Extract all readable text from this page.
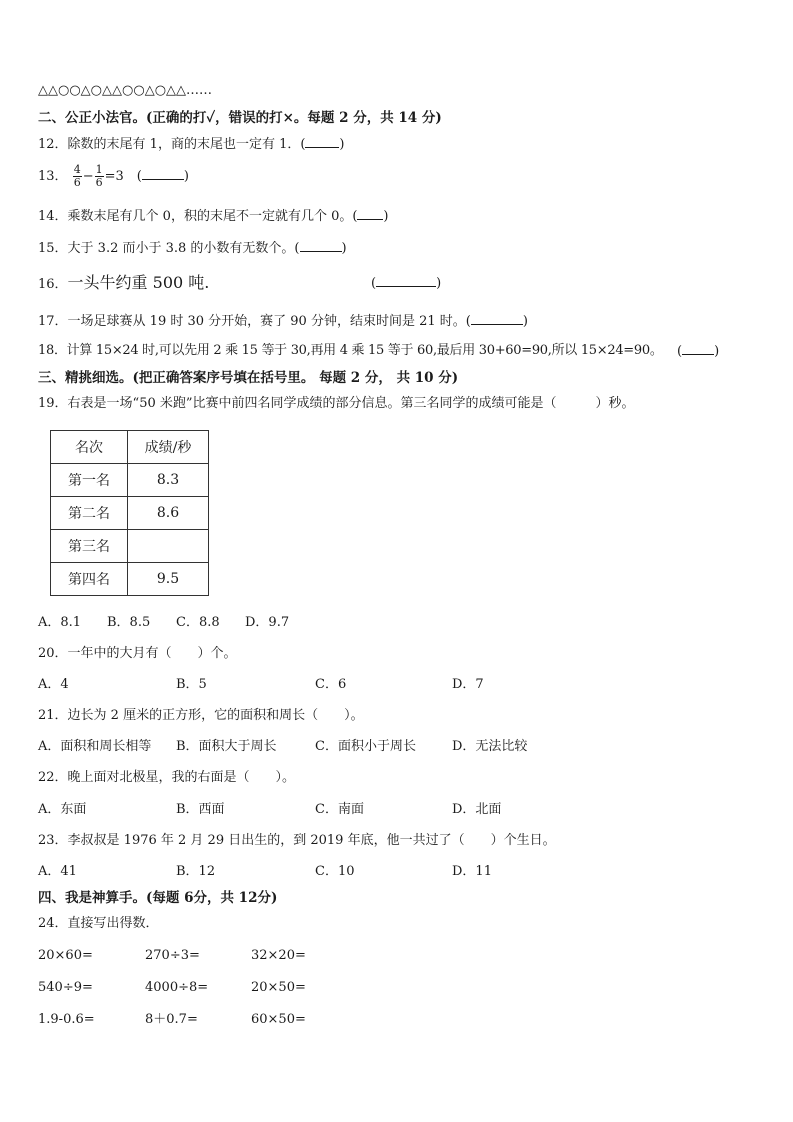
△△○○△○△△○○△○△△……
二、公正小法官。(正确的打✓，错误的打×。每题 2 分，共 14 分)
12．除数的末尾有 1，商的末尾也一定有 1．(	)
13． $\frac{4}{6} - \frac{1}{6} =3$　(	)
14．乘数末尾有几个 0，积的末尾不一定就有几个 0。( )
15．大于 3.2 而小于 3.8 的小数有无数个。(	)
16．一头牛约重 500 吨.	(	)
17．一场足球赛从 19 时 30 分开始，赛了 90 分钟，结束时间是 21 时。(	)
18．计算 15×24 时,可以先用 2 乘 15 等于 30,再用 4 乘 15 等于 60,最后用 30+60=90,所以 15×24=90。 ( )
三、精挑细选。(把正确答案序号填在括号里。 每题 2 分， 共 10 分)
19．右表是一场“50 米跑”比赛中前四名同学成绩的部分信息。第三名同学的成绩可能是（　　　）秒。
名次	成绩/秒
第一名	8.3
第二名	8.6
第三名	
第四名	9.5
A．8.1 B．8.5 C．8.8 D．9.7
20．一年中的大月有（　　）个。
A．4	B．5	C．6	D．7
21．边长为 2 厘米的正方形，它的面积和周长（　　）。
A．面积和周长相等 B．面积大于周长	C．面积小于周长	D．无法比较
22．晚上面对北极星，我的右面是（　　）。
A．东面	B．西面	C．南面	D．北面
23．李叔叔是 1976 年 2 月 29 日出生的，到 2019 年底，他一共过了（　　）个生日。
A．41	B．12	C．10	D．11
四、我是神算手。(每题 6分，共 12分)
24．直接写出得数．
20×60=	270÷3=	32×20=
540÷9=	4000÷8=	20×50=
1.9-0.6=	8＋0.7=	60×50=
